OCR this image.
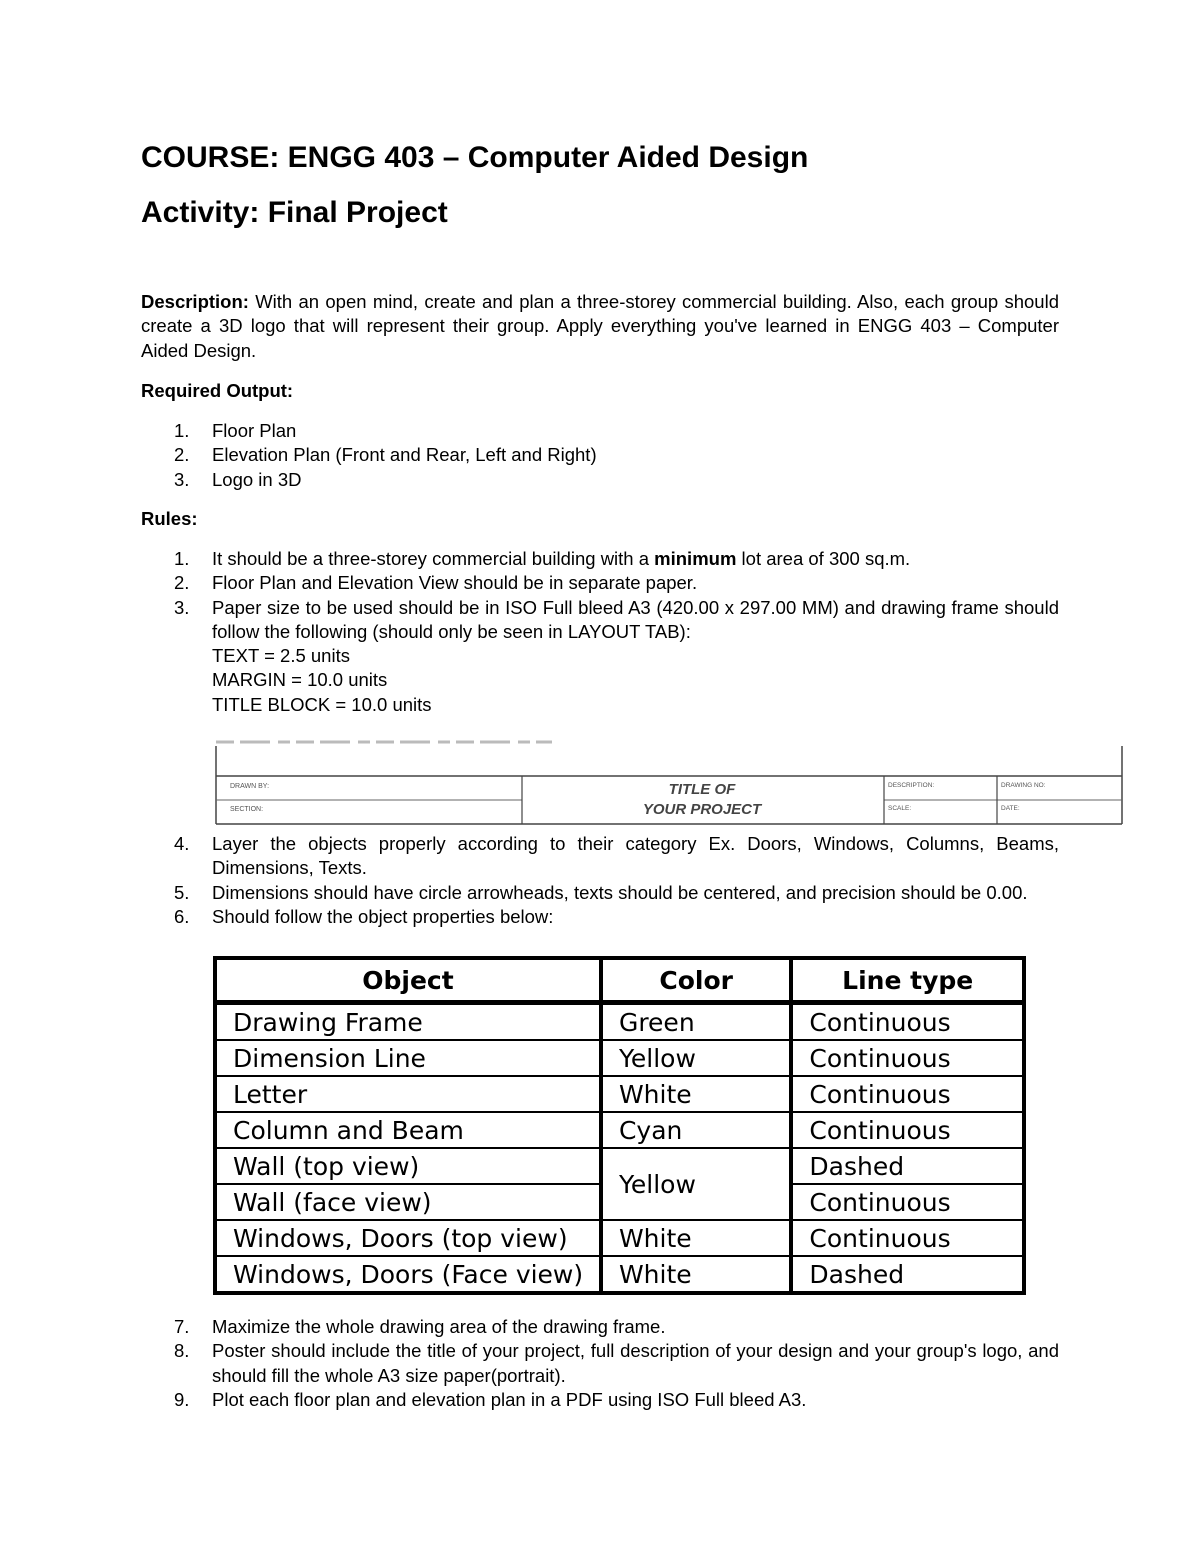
COURSE: ENGG 403 – Computer Aided Design
Activity: Final Project

Description: With an open mind, create and plan a three-storey commercial building. Also, each group should create a 3D logo that will represent their group. Apply everything you've learned in ENGG 403 – Computer Aided Design.

Required Output:

1.	Floor Plan
2.	Elevation Plan (Front and Rear, Left and Right)
3.	Logo in 3D

Rules:

1.	It should be a three-storey commercial building with a minimum lot area of 300 sq.m.
2.	Floor Plan and Elevation View should be in separate paper.
3.	Paper size to be used should be in ISO Full bleed A3 (420.00 x 297.00 MM) and drawing frame should follow the following (should only be seen in LAYOUT TAB):
TEXT = 2.5 units
MARGIN = 10.0 units
TITLE BLOCK = 10.0 units
DRAWN BY:
SECTION:
TITLE OF
YOUR PROJECT
DESCRIPTION:
SCALE:
DRAWING NO:
DATE:
4.	Layer the objects properly according to their category Ex. Doors, Windows, Columns, Beams, Dimensions, Texts.
5.	Dimensions should have circle arrowheads, texts should be centered, and precision should be 0.00.
6.	Should follow the object properties below:
Object	Color	Line type
Drawing Frame	Green	Continuous
Dimension Line	Yellow	Continuous
Letter	White	Continuous
Column and Beam	Cyan	Continuous
Wall (top view)	Yellow	Dashed
Wall (face view)		Continuous
Windows, Doors (top view)	White	Continuous
Windows, Doors (Face view)	White	Dashed
7.	Maximize the whole drawing area of the drawing frame.
8.	Poster should include the title of your project, full description of your design and your group's logo, and should fill the whole A3 size paper(portrait).
9.	Plot each floor plan and elevation plan in a PDF using ISO Full bleed A3.
